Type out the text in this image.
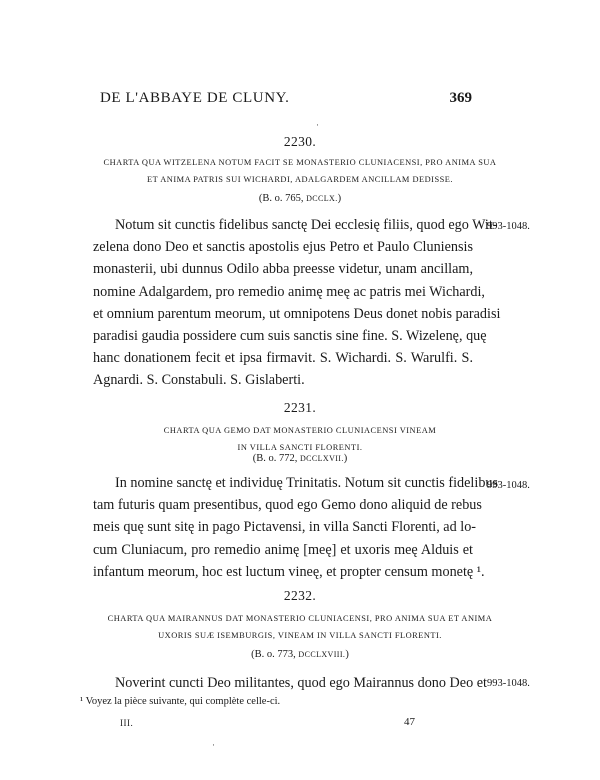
DE L'ABBAYE DE CLUNY.	369
·
2230.
CHARTA QUA WITZELENA NOTUM FACIT SE MONASTERIO CLUNIACENSI, PRO ANIMA SUA
ET ANIMA PATRIS SUI WICHARDI, ADALGARDEM ANCILLAM DEDISSE.
(B. o. 765, DCCLX.)
993-1048.
Notum sit cunctis fidelibus sanctę Dei ecclesię filiis, quod ego Wit-
zelena dono Deo et sanctis apostolis ejus Petro et Paulo Cluniensis
monasterii, ubi dunnus Odilo abba preesse videtur, unam ancillam,
nomine Adalgardem, pro remedio animę meę ac patris mei Wichardi,
et omnium parentum meorum, ut omnipotens Deus donet nobis paradisi
paradisi gaudia possidere cum suis sanctis sine fine. S. Wizelenę, quę
hanc donationem fecit et ipsa firmavit. S. Wichardi. S. Warulfi. S.
Agnardi. S. Constabuli. S. Gislaberti.
2231.
CHARTA QUA GEMO DAT MONASTERIO CLUNIACENSI VINEAM
IN VILLA SANCTI FLORENTI.
(B. o. 772, DCCLXVII.)
993-1048.
In nomine sanctę et individuę Trinitatis. Notum sit cunctis fidelibus
tam futuris quam presentibus, quod ego Gemo dono aliquid de rebus
meis quę sunt sitę in pago Pictavensi, in villa Sancti Florenti, ad lo-
cum Cluniacum, pro remedio animę [meę] et uxoris meę Alduis et
infantum meorum, hoc est luctum vineę, et propter censum monetę ¹.
2232.
CHARTA QUA MAIRANNUS DAT MONASTERIO CLUNIACENSI, PRO ANIMA SUA ET ANIMA
UXORIS SUÆ ISEMBURGIS, VINEAM IN VILLA SANCTI FLORENTI.
(B. o. 773, DCCLXVIII.)
993-1048.
Noverint cuncti Deo militantes, quod ego Mairannus dono Deo et
¹ Voyez la pièce suivante, qui complète celle-ci.
III.	47
·
